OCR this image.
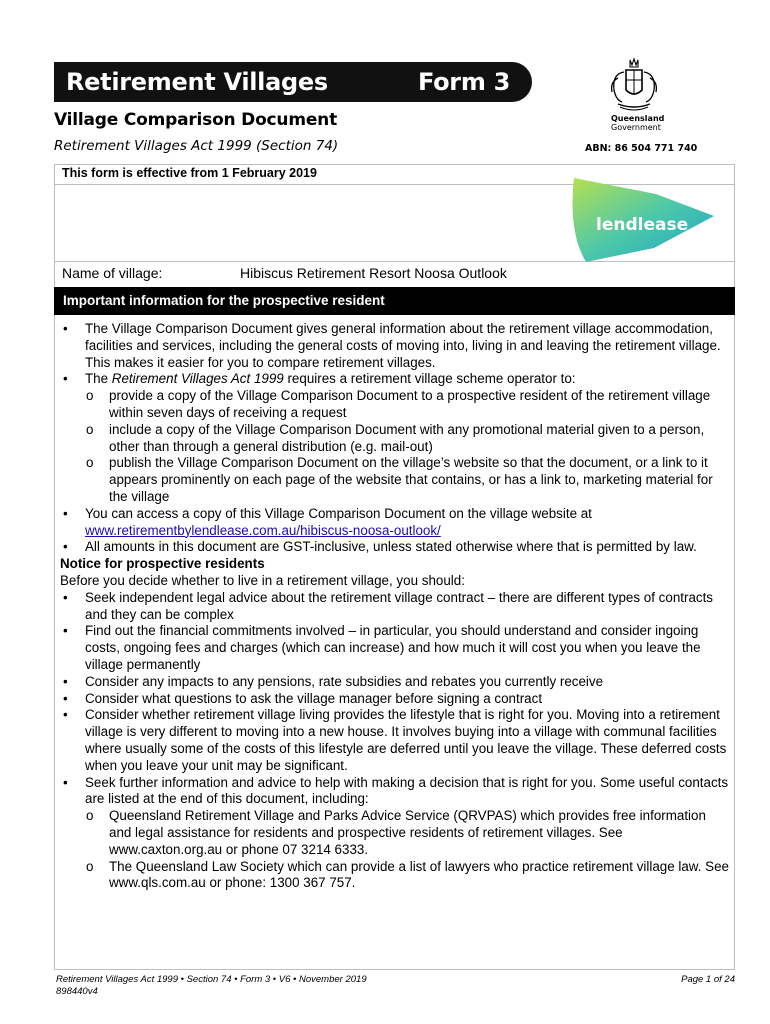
Retirement Villages	Form 3
Village Comparison Document
Retirement Villages Act 1999 (Section 74)
Queensland
Government
ABN: 86 504 771 740
This form is effective from 1 February 2019
lendlease
Name of village:	Hibiscus Retirement Resort Noosa Outlook
Important information for the prospective resident
• The Village Comparison Document gives general information about the retirement village accommodation, facilities and services, including the general costs of moving into, living in and leaving the retirement village. This makes it easier for you to compare retirement villages.
• The Retirement Villages Act 1999 requires a retirement village scheme operator to:
o provide a copy of the Village Comparison Document to a prospective resident of the retirement village within seven days of receiving a request
o include a copy of the Village Comparison Document with any promotional material given to a person, other than through a general distribution (e.g. mail-out)
o publish the Village Comparison Document on the village’s website so that the document, or a link to it appears prominently on each page of the website that contains, or has a link to, marketing material for the village
• You can access a copy of this Village Comparison Document on the village website at
www.retirementbylendlease.com.au/hibiscus-noosa-outlook/
• All amounts in this document are GST-inclusive, unless stated otherwise where that is permitted by law.
Notice for prospective residents
Before you decide whether to live in a retirement village, you should:
• Seek independent legal advice about the retirement village contract – there are different types of contracts and they can be complex
• Find out the financial commitments involved – in particular, you should understand and consider ingoing costs, ongoing fees and charges (which can increase) and how much it will cost you when you leave the village permanently
• Consider any impacts to any pensions, rate subsidies and rebates you currently receive
• Consider what questions to ask the village manager before signing a contract
• Consider whether retirement village living provides the lifestyle that is right for you. Moving into a retirement village is very different to moving into a new house. It involves buying into a village with communal facilities where usually some of the costs of this lifestyle are deferred until you leave the village. These deferred costs when you leave your unit may be significant.
• Seek further information and advice to help with making a decision that is right for you. Some useful contacts are listed at the end of this document, including:
o Queensland Retirement Village and Parks Advice Service (QRVPAS) which provides free information and legal assistance for residents and prospective residents of retirement villages. See www.caxton.org.au or phone 07 3214 6333.
o The Queensland Law Society which can provide a list of lawyers who practice retirement village law. See www.qls.com.au or phone: 1300 367 757.
Retirement Villages Act 1999 • Section 74 • Form 3 • V6 • November 2019
898440v4
Page 1 of 24
